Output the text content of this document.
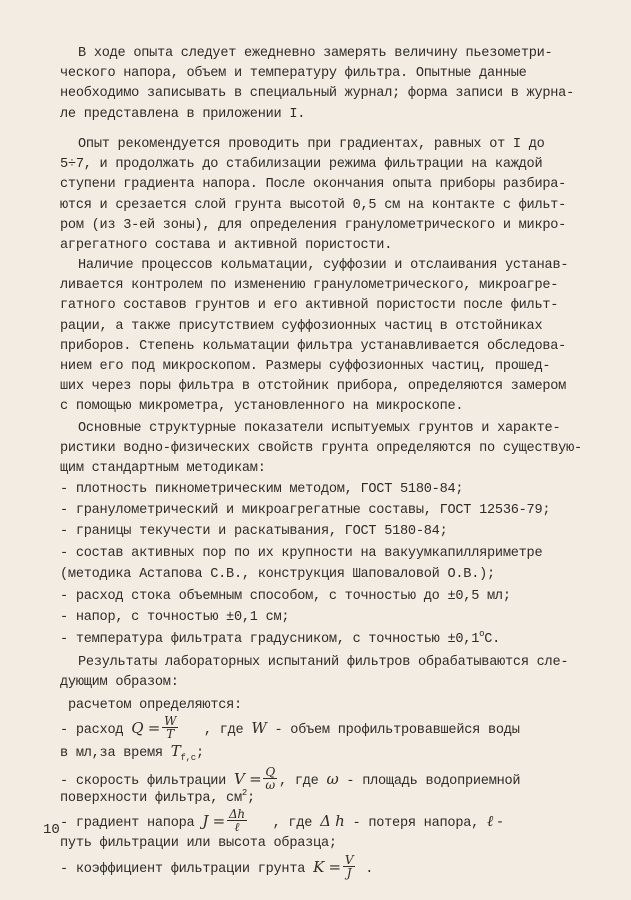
В ходе опыта следует ежедневно замерять величину пьезометри-
ческого напора, объем и температуру фильтра. Опытные данные
необходимо записывать в специальный журнал; форма записи в журна-
ле представлена в приложении I.
Опыт рекомендуется проводить при градиентах, равных от I до
5÷7, и продолжать до стабилизации режима фильтрации на каждой
ступени градиента напора. После окончания опыта приборы разбира-
ются и срезается слой грунта высотой 0,5 см на контакте с фильт-
ром (из 3-ей зоны), для определения гранулометрического и микро-
агрегатного состава и активной пористости.
Наличие процессов кольматации, суффозии и отслаивания устанав-
ливается контролем по изменению гранулометрического, микроагре-
гатного составов грунтов и его активной пористости после фильт-
рации, а также присутствием суффозионных частиц в отстойниках
приборов. Степень кольматации фильтра устанавливается обследова-
нием его под микроскопом. Размеры суффозионных частиц, прошед-
ших через поры фильтра в отстойник прибора, определяются замером
с помощью микрометра, установленного на микроскопе.
Основные структурные показатели испытуемых грунтов и характе-
ристики водно-физических свойств грунта определяются по существую-
щим стандартным методикам:
- плотность пикнометрическим методом, ГОСТ 5180-84;
- гранулометрический и микроагрегатные составы, ГОСТ 12536-79;
- границы текучести и раскатывания, ГОСТ 5180-84;
- состав активных пор по их крупности на вакуумкапилляриметре
(методика Астапова С.В., конструкция Шаповаловой О.В.);
- расход стока объемным способом, с точностью до ±0,5 мл;
- напор, с точностью ±0,1 см;
- температура фильтрата градусником, с точностью $\pm 0,1^oC$.
Результаты лабораторных испытаний фильтров обрабатываются сле-
дующим образом:
расчетом определяются:
- расход $Q = \frac{W}{T}$ , где W - объем профильтровавшейся воды
в мл,за время $T_{f,c}$;
- скорость фильтрации $V = \frac{Q}{\omega}$ , где ω - площадь водоприемной
поверхности фильтра, $см^2$;
- градиент напора $J = \frac{\Delta h}{\text{ℓ}}$ , где Δ h - потеря напора, ℓ -
путь фильтрации или высота образца;
- коэффициент фильтрации грунта $K = \frac{V}{J}$ .
10
